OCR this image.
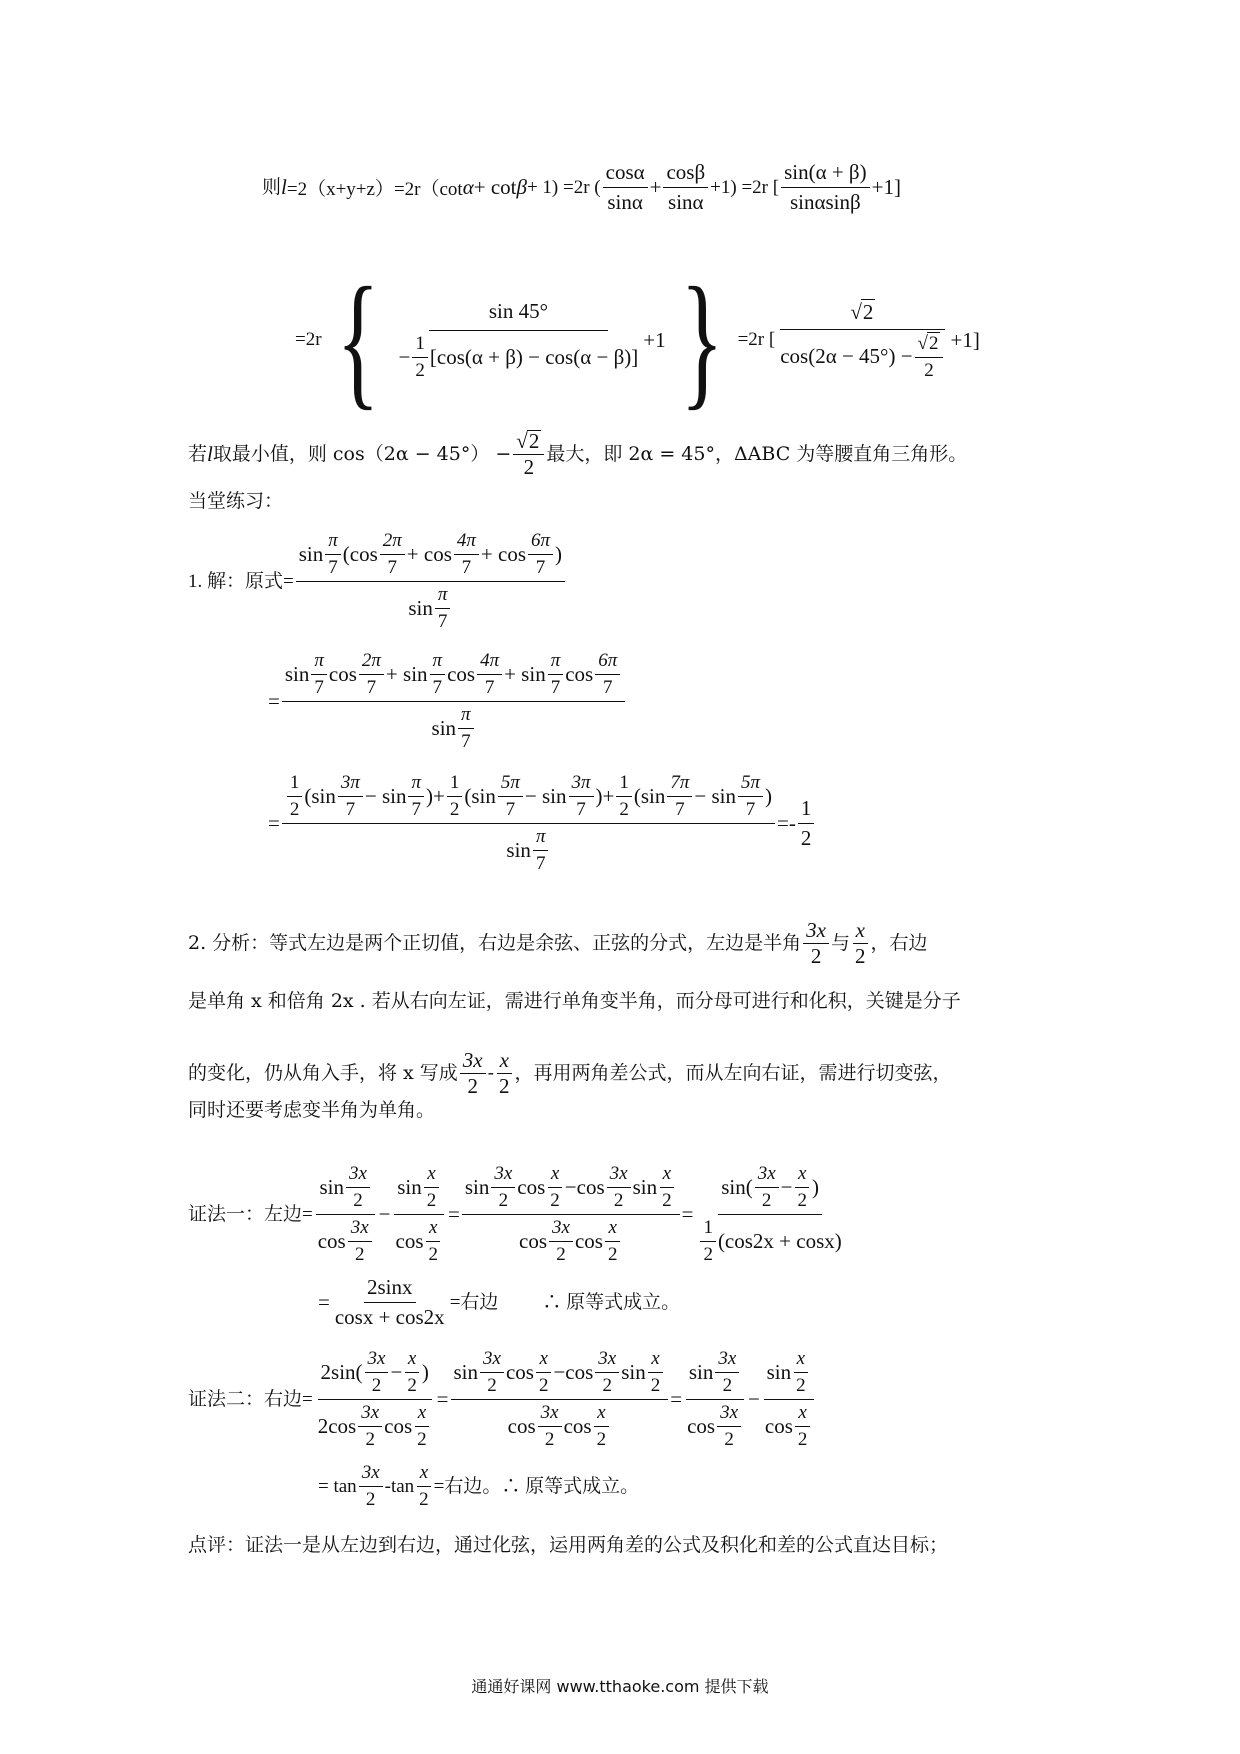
则 l =2（x+y+z）=2r（cot α + cot β + 1) =2r ( $\frac{\cos\alpha}{\sin\alpha} + \frac{\cos\beta}{\sin\alpha} +1) =2r$ [ $\frac{\sin(\alpha + \beta)}{\sin\alpha\sin\beta} +1$]
=2r {	sin 45°
− $\frac{1}{2} [\cos(\alpha + \beta) - \cos(\alpha - \beta)]$
+1 } =2r [ $\frac{√2}{\cos(2\alpha - 45^\circ) - \frac{√2}{2}} +1$]
若 l 取最小值，则 $\cos(2\alpha - 45^\circ) - \frac{√2}{2}$ 最大，即 2α = 45°，ΔABC 为等腰直角三角形。
当堂练习：
1. 解：原式=
$\sin \frac{\pi}{7} (\cos \frac{2\pi}{7} + \cos \frac{4\pi}{7} + \cos \frac{6\pi}{7}$ )
$\sin \frac{\pi}{7}$
=
$\sin \frac{\pi}{7}$ $\cos \frac{2\pi}{7} + \sin \frac{\pi}{7}$ $\cos \frac{4\pi}{7} + \sin \frac{\pi}{7}$ $\cos \frac{6\pi}{7}$
$\sin \frac{\pi}{7}$
=
$\frac{1}{2} (\sin \frac{3\pi}{7} - \sin \frac{\pi}{7}$ ) + $\frac{1}{2} (\sin \frac{5\pi}{7} - \sin \frac{3\pi}{7}$ ) + $\frac{1}{2} (\sin \frac{7\pi}{7} - \sin \frac{5\pi}{7}$ )
$\sin \frac{\pi}{7}$
=- $\frac{1}{2}$
2. 分析：等式左边是两个正切值，右边是余弦、正弦的分式，左边是半角 $\frac{3x}{2}$ 与 $\frac{x}{2}$ ，右边
是单角 x 和倍角 2x . 若从右向左证，需进行单角变半角，而分母可进行和化积，关键是分子
的变化，仍从角入手，将 x 写成 $\frac{3x}{2} - \frac{x}{2}$ ，再用两角差公式，而从左向右证，需进行切变弦，
同时还要考虑变半角为单角。
证法一：左边= $\frac{\sin \frac{3x}{2}}{\cos \frac{3x}{2}} - \frac{\sin \frac{x}{2}}{\cos \frac{x}{2}} = \frac{\sin \frac{3x}{2} \cos \frac{x}{2} - \cos \frac{3x}{2} \sin \frac{x}{2}}{\cos \frac{3x}{2} \cos \frac{x}{2}} = \frac{\sin( \frac{3x}{2} - \frac{x}{2} )}{\frac{1}{2} (\cos 2x + \cos x)}$
= $\frac{2\sin x}{\cos x + \cos 2x}$ =右边 ∴ 原等式成立。
证法二：右边= $\frac{2\sin( \frac{3x}{2} - \frac{x}{2} )}{2\cos \frac{3x}{2} \cos \frac{x}{2}} = \frac{\sin \frac{3x}{2} \cos \frac{x}{2} - \cos \frac{3x}{2} \sin \frac{x}{2}}{\cos \frac{3x}{2} \cos \frac{x}{2}} = \frac{\sin \frac{3x}{2}}{\cos \frac{3x}{2}} - \frac{\sin \frac{x}{2}}{\cos \frac{x}{2}}$
= $\tan \frac{3x}{2} -\tan \frac{x}{2}$ =右边。∴ 原等式成立。
点评：证法一是从左边到右边，通过化弦，运用两角差的公式及积化和差的公式直达目标；
通通好课网 www.tthaoke.com 提供下载
